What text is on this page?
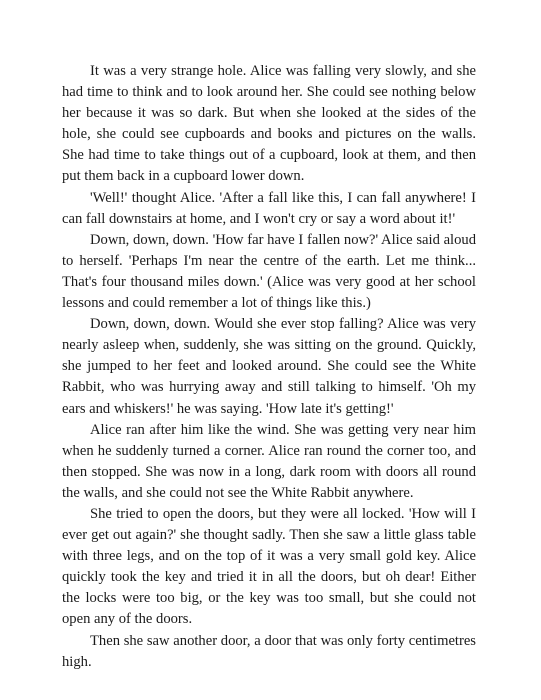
It was a very strange hole. Alice was falling very slowly, and she had time to think and to look around her. She could see nothing below her because it was so dark. But when she looked at the sides of the hole, she could see cupboards and books and pictures on the walls. She had time to take things out of a cupboard, look at them, and then put them back in a cupboard lower down.

'Well!' thought Alice. 'After a fall like this, I can fall anywhere! I can fall downstairs at home, and I won't cry or say a word about it!'

Down, down, down. 'How far have I fallen now?' Alice said aloud to herself. 'Perhaps I'm near the centre of the earth. Let me think... That's four thousand miles down.' (Alice was very good at her school lessons and could remember a lot of things like this.)

Down, down, down. Would she ever stop falling? Alice was very nearly asleep when, suddenly, she was sitting on the ground. Quickly, she jumped to her feet and looked around. She could see the White Rabbit, who was hurrying away and still talking to himself. 'Oh my ears and whiskers!' he was saying. 'How late it's getting!'

Alice ran after him like the wind. She was getting very near him when he suddenly turned a corner. Alice ran round the corner too, and then stopped. She was now in a long, dark room with doors all round the walls, and she could not see the White Rabbit anywhere.

She tried to open the doors, but they were all locked. 'How will I ever get out again?' she thought sadly. Then she saw a little glass table with three legs, and on the top of it was a very small gold key. Alice quickly took the key and tried it in all the doors, but oh dear! Either the locks were too big, or the key was too small, but she could not open any of the doors.

Then she saw another door, a door that was only forty centimetres high.
